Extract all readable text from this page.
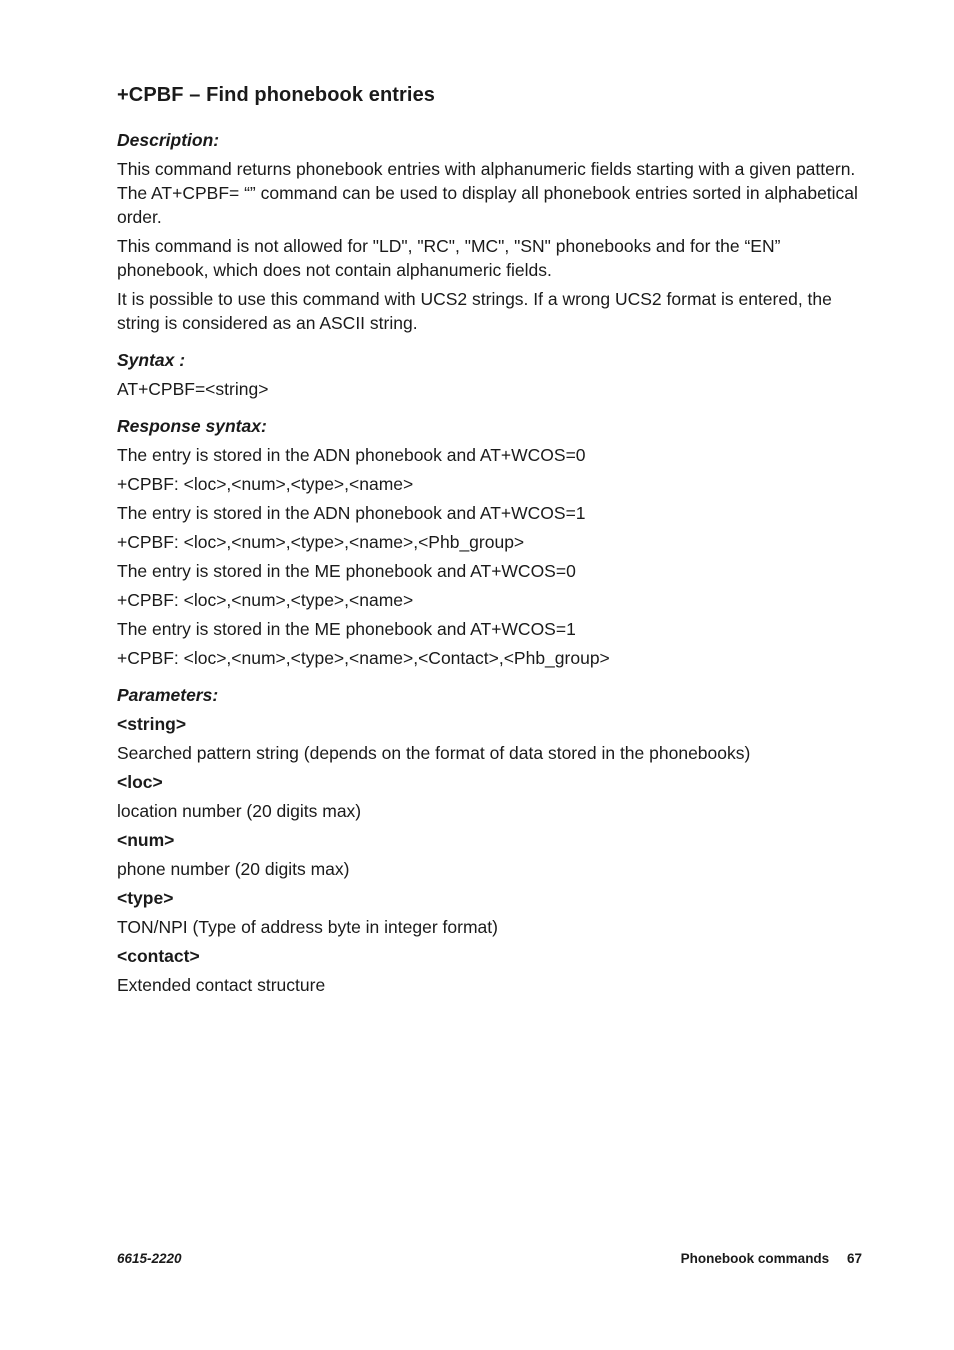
+CPBF – Find phonebook entries
Description:

This command returns phonebook entries with alphanumeric fields starting with a given pattern. The AT+CPBF= “” command can be used to display all phonebook entries sorted in alphabetical order.

This command is not allowed for "LD", "RC", "MC", "SN" phonebooks and for the “EN” phonebook, which does not contain alphanumeric fields.

It is possible to use this command with UCS2 strings. If a wrong UCS2 format is entered, the string is considered as an ASCII string.

Syntax :
AT+CPBF=<string>
Response syntax:
The entry is stored in the ADN phonebook and AT+WCOS=0
+CPBF: <loc>,<num>,<type>,<name>
The entry is stored in the ADN phonebook and AT+WCOS=1
+CPBF: <loc>,<num>,<type>,<name>,<Phb_group>
The entry is stored in the ME phonebook and AT+WCOS=0
+CPBF: <loc>,<num>,<type>,<name>
The entry is stored in the ME phonebook and AT+WCOS=1
+CPBF: <loc>,<num>,<type>,<name>,<Contact>,<Phb_group>
Parameters:
<string>
Searched pattern string (depends on the format of data stored in the phonebooks)
<loc>
location number (20 digits max)
<num>
phone number (20 digits max)
<type>
TON/NPI (Type of address byte in integer format)
<contact>
Extended contact structure
6615-2220	Phonebook commands 67
